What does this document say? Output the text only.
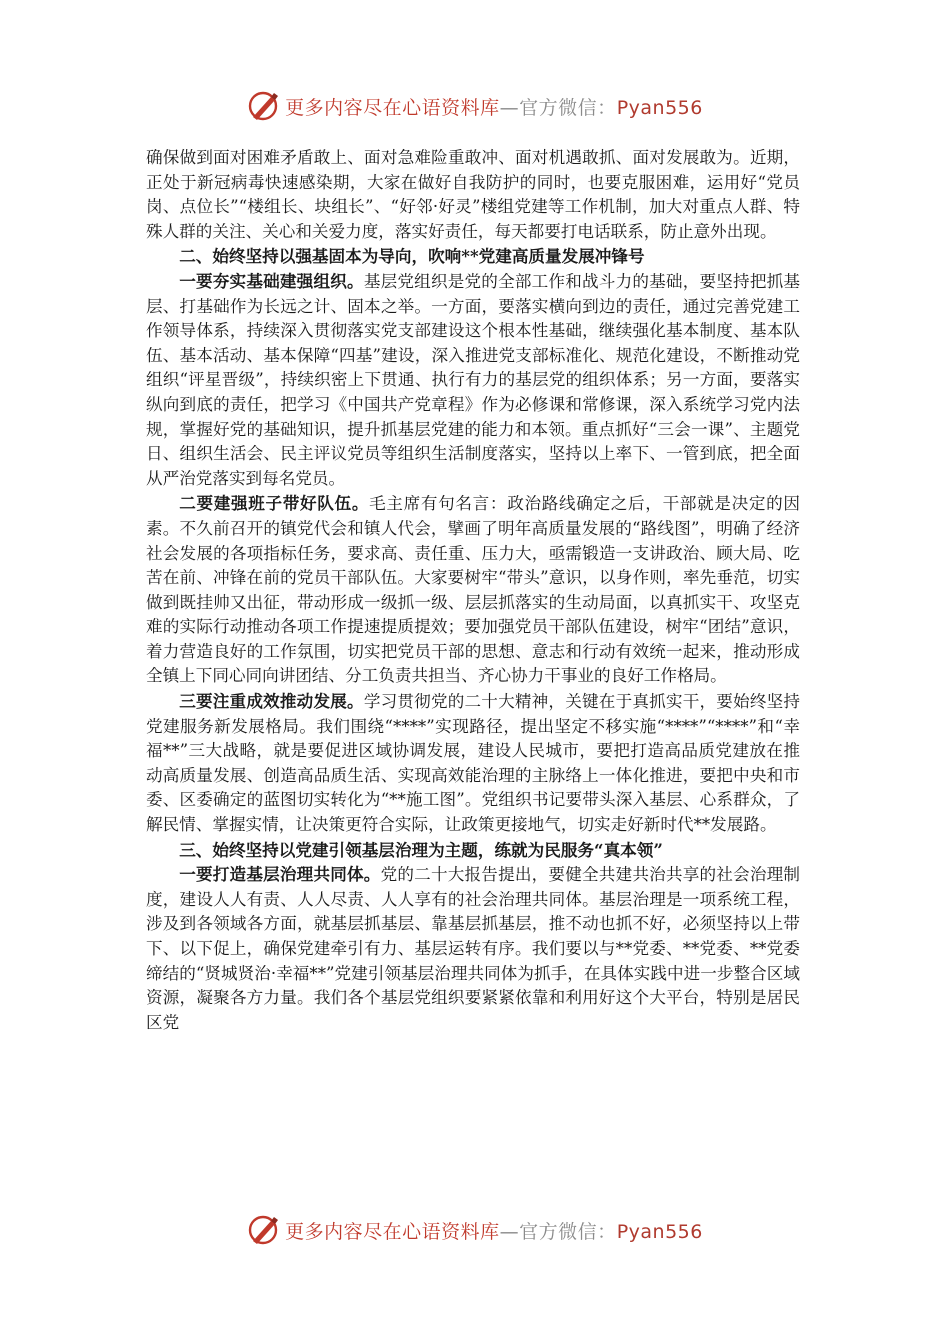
更多内容尽在心语资料库—官方微信：Pyan556

确保做到面对困难矛盾敢上、面对急难险重敢冲、面对机遇敢抓、面对发展敢为。近期，正处于新冠病毒快速感染期，大家在做好自我防护的同时，也要克服困难，运用好“党员岗、点位长”“楼组长、块组长”、“好邻·好灵”楼组党建等工作机制，加大对重点人群、特殊人群的关注、关心和关爱力度，落实好责任，每天都要打电话联系，防止意外出现。

二、始终坚持以强基固本为导向，吹响**党建高质量发展冲锋号

一要夯实基础建强组织。基层党组织是党的全部工作和战斗力的基础，要坚持把抓基层、打基础作为长远之计、固本之举。一方面，要落实横向到边的责任，通过完善党建工作领导体系，持续深入贯彻落实党支部建设这个根本性基础，继续强化基本制度、基本队伍、基本活动、基本保障“四基”建设，深入推进党支部标准化、规范化建设，不断推动党组织“评星晋级”，持续织密上下贯通、执行有力的基层党的组织体系；另一方面，要落实纵向到底的责任，把学习《中国共产党章程》作为必修课和常修课，深入系统学习党内法规，掌握好党的基础知识，提升抓基层党建的能力和本领。重点抓好“三会一课”、主题党日、组织生活会、民主评议党员等组织生活制度落实，坚持以上率下、一管到底，把全面从严治党落实到每名党员。

二要建强班子带好队伍。毛主席有句名言：政治路线确定之后，干部就是决定的因素。不久前召开的镇党代会和镇人代会，擘画了明年高质量发展的“路线图”，明确了经济社会发展的各项指标任务，要求高、责任重、压力大，亟需锻造一支讲政治、顾大局、吃苦在前、冲锋在前的党员干部队伍。大家要树牢“带头”意识，以身作则，率先垂范，切实做到既挂帅又出征，带动形成一级抓一级、层层抓落实的生动局面，以真抓实干、攻坚克难的实际行动推动各项工作提速提质提效；要加强党员干部队伍建设，树牢“团结”意识，着力营造良好的工作氛围，切实把党员干部的思想、意志和行动有效统一起来，推动形成全镇上下同心同向讲团结、分工负责共担当、齐心协力干事业的良好工作格局。

三要注重成效推动发展。学习贯彻党的二十大精神，关键在于真抓实干，要始终坚持党建服务新发展格局。我们围绕“****”实现路径，提出坚定不移实施“****”“****”和“幸福**”三大战略，就是要促进区域协调发展，建设人民城市，要把打造高品质党建放在推动高质量发展、创造高品质生活、实现高效能治理的主脉络上一体化推进，要把中央和市委、区委确定的蓝图切实转化为“**施工图”。党组织书记要带头深入基层、心系群众，了解民情、掌握实情，让决策更符合实际，让政策更接地气，切实走好新时代**发展路。

三、始终坚持以党建引领基层治理为主题，练就为民服务“真本领”

一要打造基层治理共同体。党的二十大报告提出，要健全共建共治共享的社会治理制度，建设人人有责、人人尽责、人人享有的社会治理共同体。基层治理是一项系统工程，涉及到各领域各方面，就基层抓基层、靠基层抓基层，推不动也抓不好，必须坚持以上带下、以下促上，确保党建牵引有力、基层运转有序。我们要以与**党委、**党委、**党委缔结的“贤城贤治·幸福**”党建引领基层治理共同体为抓手，在具体实践中进一步整合区域资源，凝聚各方力量。我们各个基层党组织要紧紧依靠和利用好这个大平台，特别是居民区党

更多内容尽在心语资料库—官方微信：Pyan556
